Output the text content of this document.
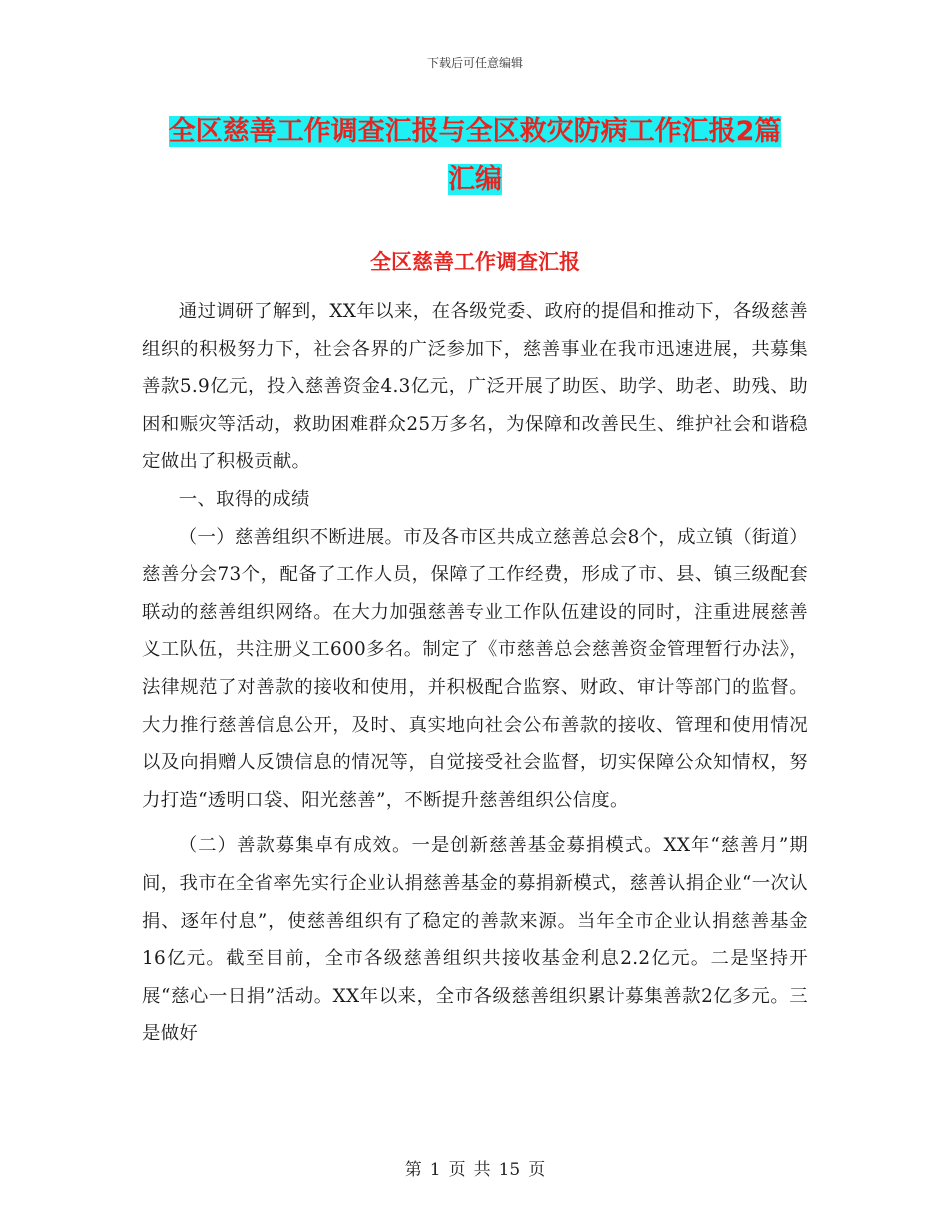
下载后可任意编辑
全区慈善工作调查汇报与全区救灾防病工作汇报2篇
汇编
全区慈善工作调查汇报

通过调研了解到，XX年以来，在各级党委、政府的提倡和推动下，各级慈善组织的积极努力下，社会各界的广泛参加下，慈善事业在我市迅速进展，共募集善款5.9亿元，投入慈善资金4.3亿元，广泛开展了助医、助学、助老、助残、助困和赈灾等活动，救助困难群众25万多名，为保障和改善民生、维护社会和谐稳定做出了积极贡献。

一、取得的成绩

（一）慈善组织不断进展。市及各市区共成立慈善总会8个，成立镇（街道）慈善分会73个，配备了工作人员，保障了工作经费，形成了市、县、镇三级配套联动的慈善组织网络。在大力加强慈善专业工作队伍建设的同时，注重进展慈善义工队伍，共注册义工600多名。制定了《市慈善总会慈善资金管理暂行办法》，法律规范了对善款的接收和使用，并积极配合监察、财政、审计等部门的监督。大力推行慈善信息公开，及时、真实地向社会公布善款的接收、管理和使用情况以及向捐赠人反馈信息的情况等，自觉接受社会监督，切实保障公众知情权，努力打造“透明口袋、阳光慈善”，不断提升慈善组织公信度。

（二）善款募集卓有成效。一是创新慈善基金募捐模式。XX年“慈善月”期间，我市在全省率先实行企业认捐慈善基金的募捐新模式，慈善认捐企业“一次认捐、逐年付息”，使慈善组织有了稳定的善款来源。当年全市企业认捐慈善基金16亿元。截至目前，全市各级慈善组织共接收基金利息2.2亿元。二是坚持开展“慈心一日捐”活动。XX年以来，全市各级慈善组织累计募集善款2亿多元。三是做好

第 1 页 共 15 页
